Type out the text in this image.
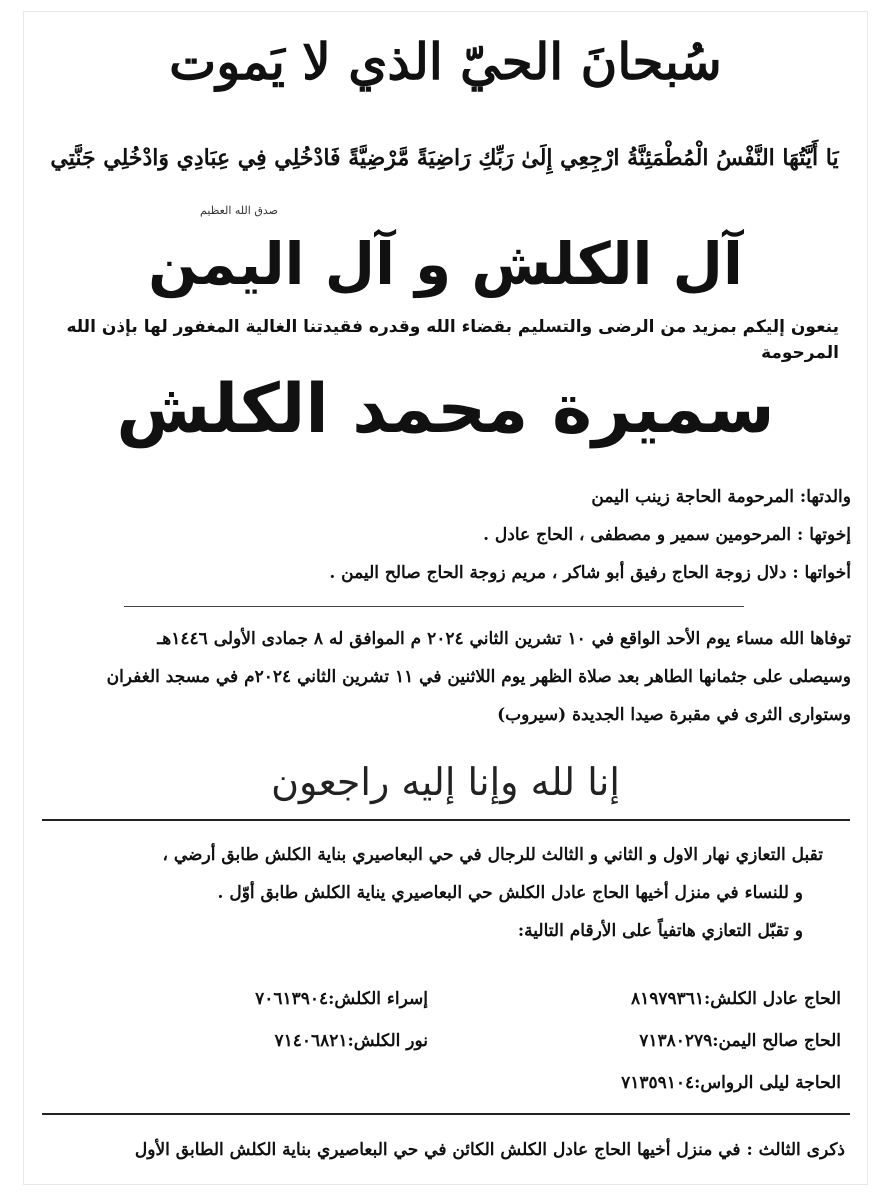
سُبحانَ الحيّ الذي لا يَموت
يَا أَيَّتُهَا النَّفْسُ الْمُطْمَئِنَّةُ ارْجِعِي إِلَىٰ رَبِّكِ رَاضِيَةً مَّرْضِيَّةً فَادْخُلِي فِي عِبَادِي وَادْخُلِي جَنَّتِي
صدق الله العظيم
آل الكلش و آل اليمن
ينعون إليكم بمزيد من الرضى والتسليم بقضاء الله وقدره فقيدتنا الغالية المغفور لها بإذن الله المرحومة
سميرة محمد الكلش
والدتها: المرحومة الحاجة زينب اليمن
إخوتها : المرحومين سمير و مصطفى ، الحاج عادل .
أخواتها : دلال زوجة الحاج رفيق أبو شاكر ، مريم زوجة الحاج صالح اليمن .
توفاها الله مساء يوم الأحد الواقع في ١٠ تشرين الثاني ٢٠٢٤ م الموافق له ٨ جمادى الأولى ١٤٤٦هـ
وسيصلى على جثمانها الطاهر بعد صلاة الظهر يوم اللاثنين في ١١ تشرين الثاني ٢٠٢٤م في مسجد الغفران
وستوارى الثرى في مقبرة صيدا الجديدة (سيروب)
إنا لله وإنا إليه راجعون
تقبل التعازي نهار الاول و الثاني و الثالث للرجال في حي البعاصيري بناية الكلش طابق أرضي ،
و للنساء في منزل أخيها الحاج عادل الكلش حي البعاصيري يناية الكلش طابق أوّل .
و تقبّل التعازي هاتفياً على الأرقام التالية:
الحاج عادل الكلش:٨١٩٧٩٣٦١
الحاج صالح اليمن:٧١٣٨٠٢٧٩
الحاجة ليلى الرواس:٧١٣٥٩١٠٤
إسراء الكلش:٧٠٦١٣٩٠٤
نور الكلش:٧١٤٠٦٨٢١
ذكرى الثالث : في منزل أخيها الحاج عادل الكلش الكائن في حي البعاصيري بناية الكلش الطابق الأول
